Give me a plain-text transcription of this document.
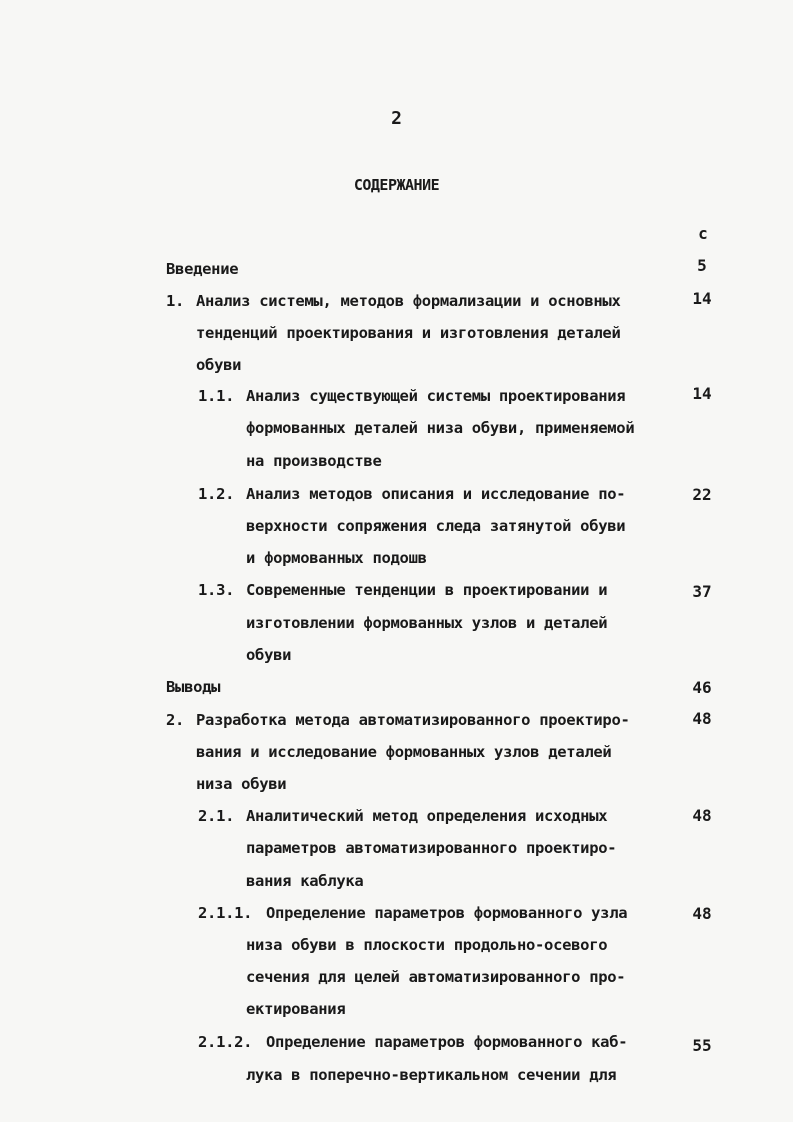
2
СОДЕРЖАНИЕ
с
Введение	5
1. Анализ системы, методов формализации и основных
тенденций проектирования и изготовления деталей
обуви
14
1.1. Анализ существующей системы проектирования
формованных деталей низа обуви, применяемой
на производстве
14
1.2. Анализ методов описания и исследование по-
верхности сопряжения следа затянутой обуви
и формованных подошв
22
1.3. Современные тенденции в проектировании и
изготовлении формованных узлов и деталей
обуви
37
Выводы	46
2. Разработка метода автоматизированного проектиро-
вания и исследование формованных узлов деталей
низа обуви
48
2.1. Аналитический метод определения исходных
параметров автоматизированного проектиро-
вания каблука
48
2.1.1. Определение параметров формованного узла
низа обуви в плоскости продольно-осевого
сечения для целей автоматизированного про-
ектирования
48
2.1.2. Определение параметров формованного каб-
лука в поперечно-вертикальном сечении для
55
